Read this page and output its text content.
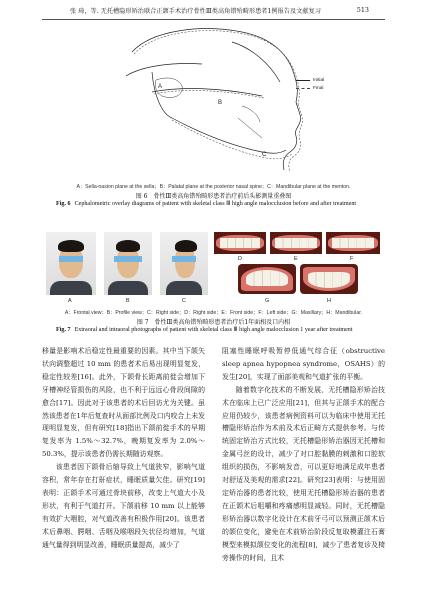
张 琦，等. 无托槽隐形矫治联合正颌手术治疗骨性Ⅲ类高角错殆畸形患者1例报告及文献复习	513
A
B
C
Initial
Final
A：Sella-nasion plane at the sella；B：Palatal plane at the posterior nasal spine；C：Mandibular plane at the menton.
图 6　骨性Ⅲ类高角错殆畸形患者治疗前后头影测量重叠图
Fig. 6 Cephalometric overlay diagrams of patient with skeletal class Ⅲ high angle malocclusion before and after treatment
A	B	C
D	E	F
G	H
A：Frontal view；B：Profile view；C：Right side；D：Right side；E：Front side；F：Left side；G：Maxillary；H：Mandibular.
图 7　骨性Ⅲ类高角错殆畸形患者治疗后1年面相及口内相
Fig. 7 Extraoral and intraoral photographs of patient with skeletal class Ⅲ high angle malocclusion 1 year after treatment

移量是影响术后稳定性最重要的因素。其中当下颌矢状向调整超过 10 mm 的患者术后易出现明显复发，稳定性较差[16]。此外，下颌骨长距离前徙会增加下牙槽神经管损伤的风险，也不利于远远心骨段间隙的愈合[17]。因此对于该患者的术后回访尤为关键。虽然该患者在1年后复查时从面部比例及口内咬合上未发现明显复发，但有研究[18]指出下颌前徙手术的早期复发率为 1.5%～32.7%，晚期复发率为 2.0%～50.3%，提示该患者仍需长期随访观察。

该患者因下颌骨后缩导致上气道狭窄，影响气道容积，常年存在打鼾症状，睡眠质量欠佳。研究[19]表明：正颌手术可通过骨块前移，改变上气道大小及形状，有利于气道打开。下颌前移 10 mm 以上能够有效扩大咽腔，对气道改善有积极作用[20]。该患者术后鼻咽、腭咽、舌咽及喉咽段矢状径均增加，气道通气量得到明显改善，睡眠质量提高，减少了

阻塞性睡眠呼吸暂停低通气综合征（obstructive sleep apnea hypopnea syndrome，OSAHS）的发生[20]，实现了面部美观和气道扩张的平衡。

随着数字化技术的不断发展，无托槽隐形矫治技术在临床上已广泛应用[21]，但其与正颌手术的配合应用仍较少，该患者病例资料可以为临床中使用无托槽隐形矫治作为术前及术后正畸方式提供参考。与传统固定矫治方式比较，无托槽隐形矫治器因无托槽和金属弓丝的设计，减少了对口腔黏膜的刺激和口腔软组织的损伤，不影响发音，可以更好地满足成年患者对舒适及美观的需求[22]。研究[23]表明：与使用固定矫治器的患者比较，使用无托槽隐形矫治器的患者在正颌术后咀嚼和疼痛感明显减轻。同时，无托槽隐形矫治器以数字化设计在术前牙弓可以预测正颌术后的颌位变化，避免在术前矫治阶段反复取模灌注石膏模型来模拟颌位变化的流程[8]，减少了患者复诊及椅旁操作的时间，且术
